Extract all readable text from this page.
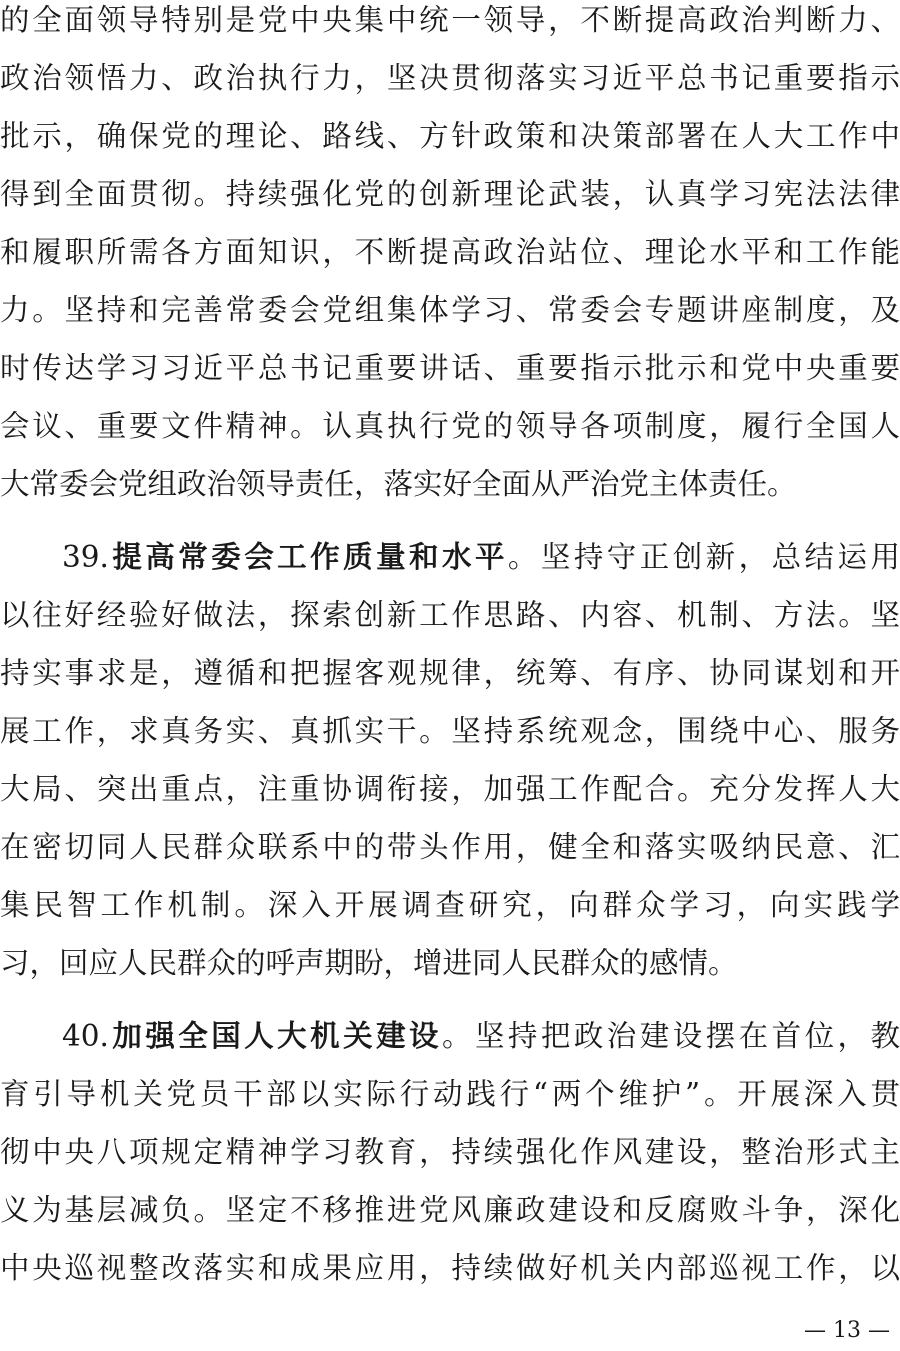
的全面领导特别是党中央集中统一领导，不断提高政治判断力、
政治领悟力、政治执行力，坚决贯彻落实习近平总书记重要指示
批示，确保党的理论、路线、方针政策和决策部署在人大工作中
得到全面贯彻。持续强化党的创新理论武装，认真学习宪法法律
和履职所需各方面知识，不断提高政治站位、理论水平和工作能
力。坚持和完善常委会党组集体学习、常委会专题讲座制度，及
时传达学习习近平总书记重要讲话、重要指示批示和党中央重要
会议、重要文件精神。认真执行党的领导各项制度，履行全国人
大常委会党组政治领导责任，落实好全面从严治党主体责任。
39.提高常委会工作质量和水平。坚持守正创新，总结运用
以往好经验好做法，探索创新工作思路、内容、机制、方法。坚
持实事求是，遵循和把握客观规律，统筹、有序、协同谋划和开
展工作，求真务实、真抓实干。坚持系统观念，围绕中心、服务
大局、突出重点，注重协调衔接，加强工作配合。充分发挥人大
在密切同人民群众联系中的带头作用，健全和落实吸纳民意、汇
集民智工作机制。深入开展调查研究，向群众学习，向实践学
习，回应人民群众的呼声期盼，增进同人民群众的感情。
40.加强全国人大机关建设。坚持把政治建设摆在首位，教
育引导机关党员干部以实际行动践行“两个维护”。开展深入贯
彻中央八项规定精神学习教育，持续强化作风建设，整治形式主
义为基层减负。坚定不移推进党风廉政建设和反腐败斗争，深化
中央巡视整改落实和成果应用，持续做好机关内部巡视工作，以
— 13 —
